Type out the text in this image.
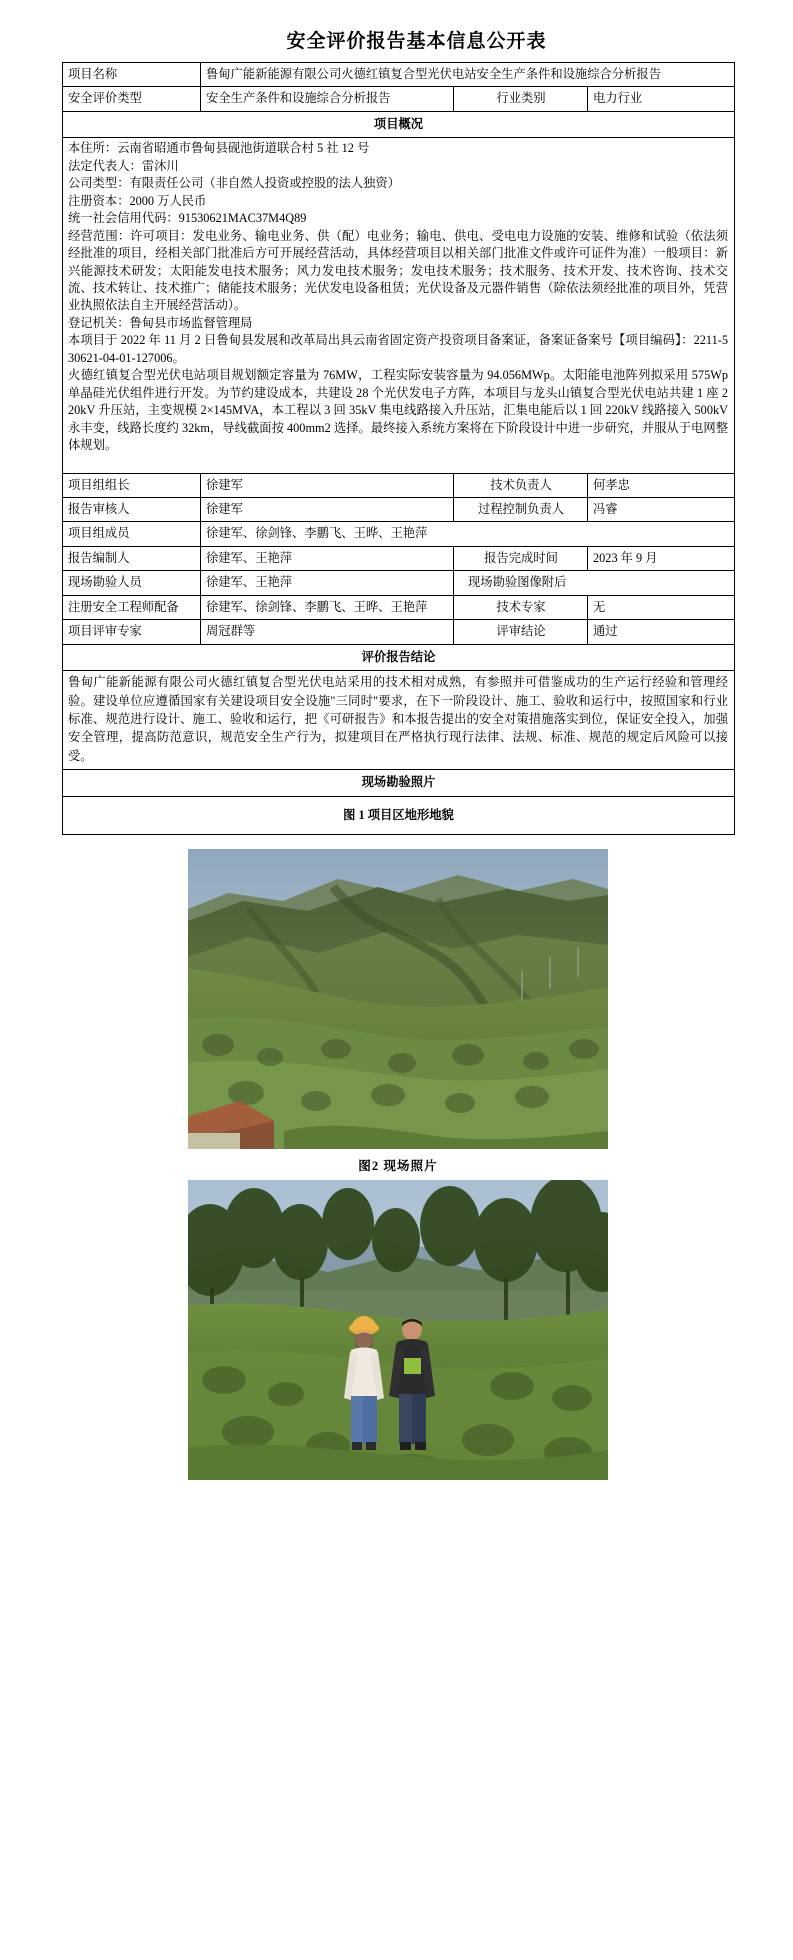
安全评价报告基本信息公开表
项目名称	鲁甸广能新能源有限公司火德红镇复合型光伏电站安全生产条件和设施综合分析报告		
安全评价类型	安全生产条件和设施综合分析报告	行业类别	电力行业
项目概况			

本住所：云南省昭通市鲁甸县砚池街道联合村 5 社 12 号

法定代表人：雷沐川

公司类型：有限责任公司（非自然人投资或控股的法人独资）

注册资本：2000 万人民币

统一社会信用代码：91530621MAC37M4Q89

经营范围：许可项目：发电业务、输电业务、供（配）电业务；输电、供电、受电电力设施的安装、维修和试验（依法须经批准的项目，经相关部门批准后方可开展经营活动，具体经营项目以相关部门批准文件或许可证件为准）一般项目：新兴能源技术研发；太阳能发电技术服务；风力发电技术服务；发电技术服务；技术服务、技术开发、技术咨询、技术交流、技术转让、技术推广；储能技术服务；光伏发电设备租赁；光伏设备及元器件销售（除依法须经批准的项目外，凭营业执照依法自主开展经营活动）。

登记机关：鲁甸县市场监督管理局

本项目于 2022 年 11 月 2 日鲁甸县发展和改革局出具云南省固定资产投资项目备案证，备案证备案号【项目编码】：2211-530621-04-01-127006。

火德红镇复合型光伏电站项目规划额定容量为 76MW，工程实际安装容量为 94.056MWp。太阳能电池阵列拟采用 575Wp 单晶硅光伏组件进行开发。为节约建设成本，共建设 28 个光伏发电子方阵，本项目与龙头山镇复合型光伏电站共建 1 座 220kV 升压站，主变规模 2×145MVA，本工程以 3 回 35kV 集电线路接入升压站，汇集电能后以 1 回 220kV 线路接入 500kV 永丰变，线路长度约 32km，导线截面按 400mm2 选择。最终接入系统方案将在下阶段设计中进一步研究，并服从于电网整体规划。

项目组组长	徐建军	技术负责人	何孝忠
报告审核人	徐建军	过程控制负责人	冯睿
项目组成员	徐建军、徐剑锋、李鹏飞、王晔、王艳萍		
报告编制人	徐建军、王艳萍	报告完成时间	2023 年 9 月
现场勘验人员	徐建军、王艳萍	现场勘验图像附后	
注册安全工程师配备	徐建军、徐剑锋、李鹏飞、王晔、王艳萍	技术专家	无
项目评审专家	周冠群等	评审结论	通过
评价报告结论			

鲁甸广能新能源有限公司火德红镇复合型光伏电站采用的技术相对成熟，有参照并可借鉴成功的生产运行经验和管理经验。建设单位应遵循国家有关建设项目安全设施"三同时"要求，在下一阶段设计、施工、验收和运行中，按照国家和行业标准、规范进行设计、施工、验收和运行，把《可研报告》和本报告提出的安全对策措施落实到位，保证安全投入，加强安全管理，提高防范意识，规范安全生产行为，拟建项目在严格执行现行法律、法规、标准、规范的规定后风险可以接受。			

现场勘验照片			
图 1 项目区地形地貌			
图2 现场照片
